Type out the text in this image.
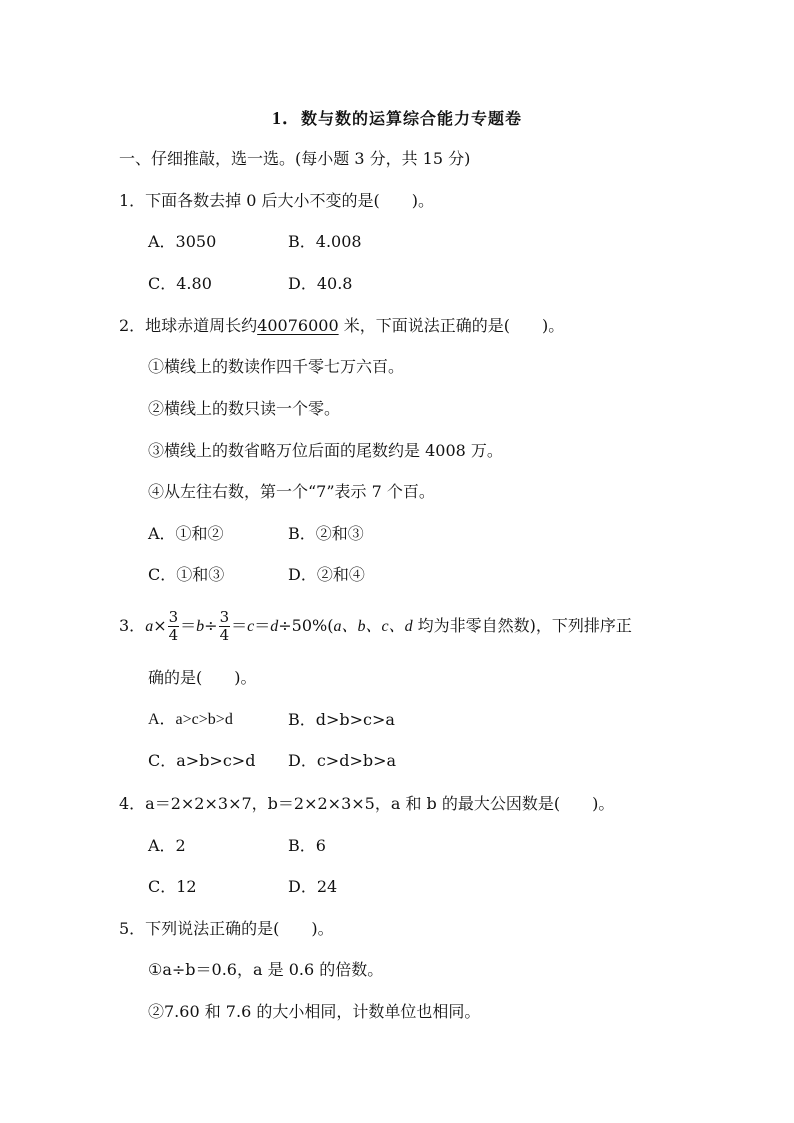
1．数与数的运算综合能力专题卷
一、仔细推敲，选一选。(每小题 3 分，共 15 分)
1．下面各数去掉 0 后大小不变的是(　　)。
A．3050	B．4.008
C．4.80	D．40.8
2．地球赤道周长约40076000 米，下面说法正确的是(　　)。
①横线上的数读作四千零七万六百。
②横线上的数只读一个零。
③横线上的数省略万位后面的尾数约是 4008 万。
④从左往右数，第一个“7”表示 7 个百。
A．①和②	B．②和③
C．①和③	D．②和④
3．$a\times \frac{3}{4} =b\div \frac{3}{4} =c=d\div 50\%(a$、b、c、d 均为非零自然数)，下列排序正
确的是(　　)。
A．a>c>b>d	B．d>b>c>a
C．a>b>c>d D．c>d>b>a
4．a＝2×2×3×7，b＝2×2×3×5，a 和 b 的最大公因数是(　　)。
A．2	B．6
C．12	D．24
5．下列说法正确的是(　　)。
①a÷b＝0.6，a 是 0.6 的倍数。
②7.60 和 7.6 的大小相同，计数单位也相同。
